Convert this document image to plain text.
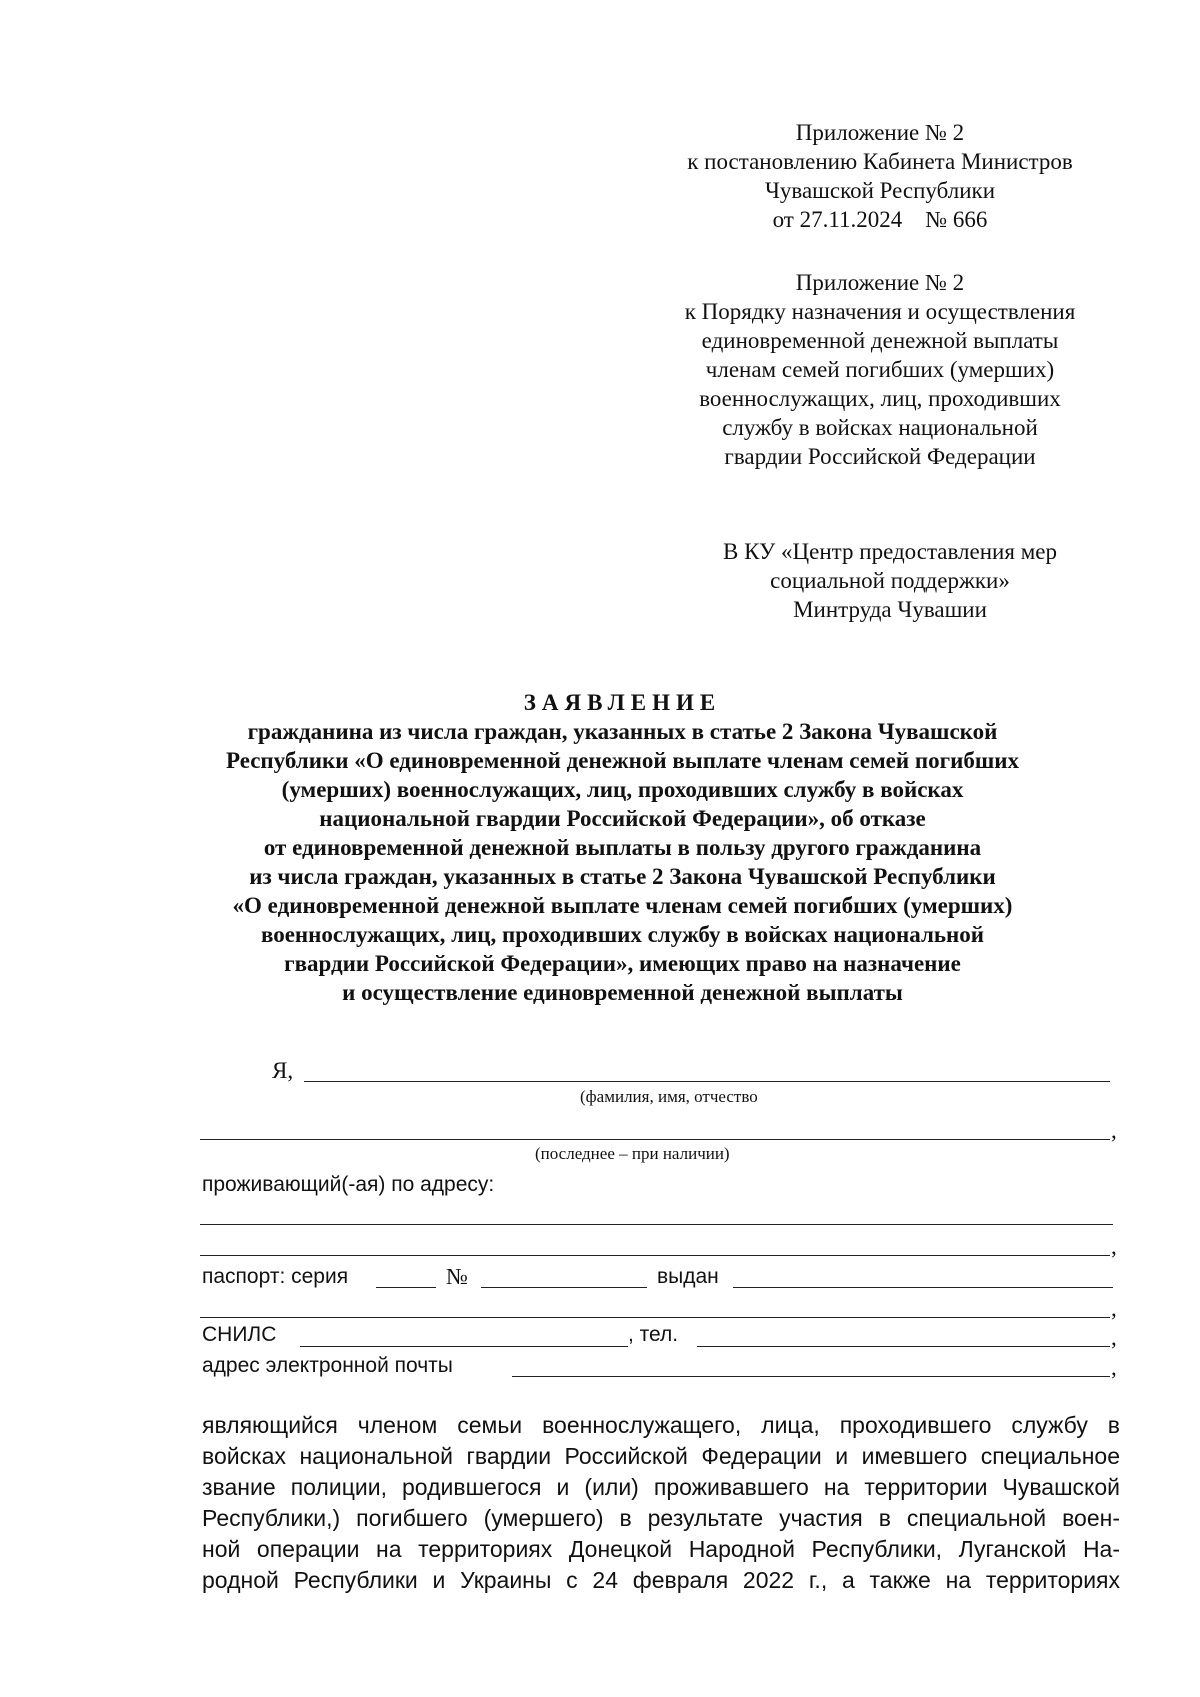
Приложение № 2
к постановлению Кабинета Министров
Чувашской Республики
от 27.11.2024    № 666
Приложение № 2
к Порядку назначения и осуществления
единовременной денежной выплаты
членам семей погибших (умерших)
военнослужащих, лиц, проходивших
службу в войсках национальной
гвардии Российской Федерации
В КУ «Центр предоставления мер
социальной поддержки»
Минтруда Чувашии
ЗАЯВЛЕНИЕ
гражданина из числа граждан, указанных в статье 2 Закона Чувашской
Республики «О единовременной денежной выплате членам семей погибших
(умерших) военнослужащих, лиц, проходивших службу в войсках
национальной гвардии Российской Федерации», об отказе
от единовременной денежной выплаты в пользу другого гражданина
из числа граждан, указанных в статье 2 Закона Чувашской Республики
«О единовременной денежной выплате членам семей погибших (умерших)
военнослужащих, лиц, проходивших службу в войсках национальной
гвардии Российской Федерации», имеющих право на назначение
и осуществление единовременной денежной выплаты
Я,
(фамилия, имя, отчество
,
(последнее – при наличии)
проживающий(-ая) по адресу:
,
паспорт: серия	№	выдан
,
СНИЛС	, тел.	,
адрес электронной почты	,
являющийся членом семьи военнослужащего, лица, проходившего службу в
войсках национальной гвардии Российской Федерации и имевшего специальное
звание полиции, родившегося и (или) проживавшего на территории Чувашской
Республики,) погибшего (умершего) в результате участия в специальной воен-
ной операции на территориях Донецкой Народной Республики, Луганской На-
родной Республики и Украины с 24 февраля 2022 г., а также на территориях
